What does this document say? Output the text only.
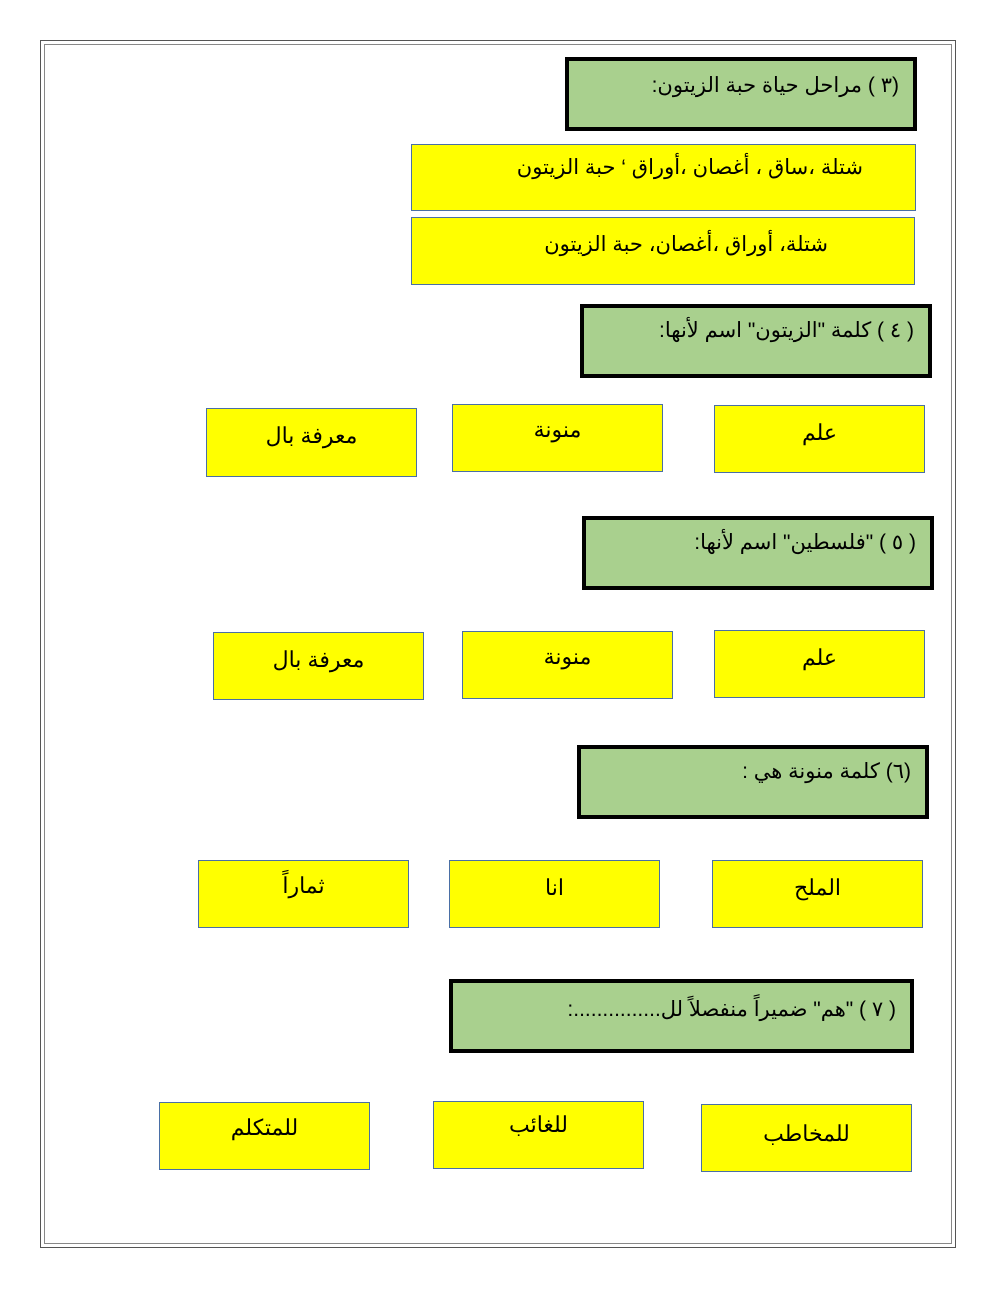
(٣ ) مراحل حياة حبة الزيتون:
شتلة ،ساق ، أغصان ،أوراق ‘ حبة الزيتون
شتلة، أوراق ،أغصان، حبة الزيتون
( ٤ ) كلمة "الزيتون" اسم لأنها:
علم
منونة
معرفة بال
( ٥ ) "فلسطين" اسم لأنها:
علم
منونة
معرفة بال
(٦) كلمة منونة هي :
الملح
انا
ثماراً
( ٧ ) "هم" ضميراً منفصلاً لل...............:
للمخاطب
للغائب
للمتكلم
